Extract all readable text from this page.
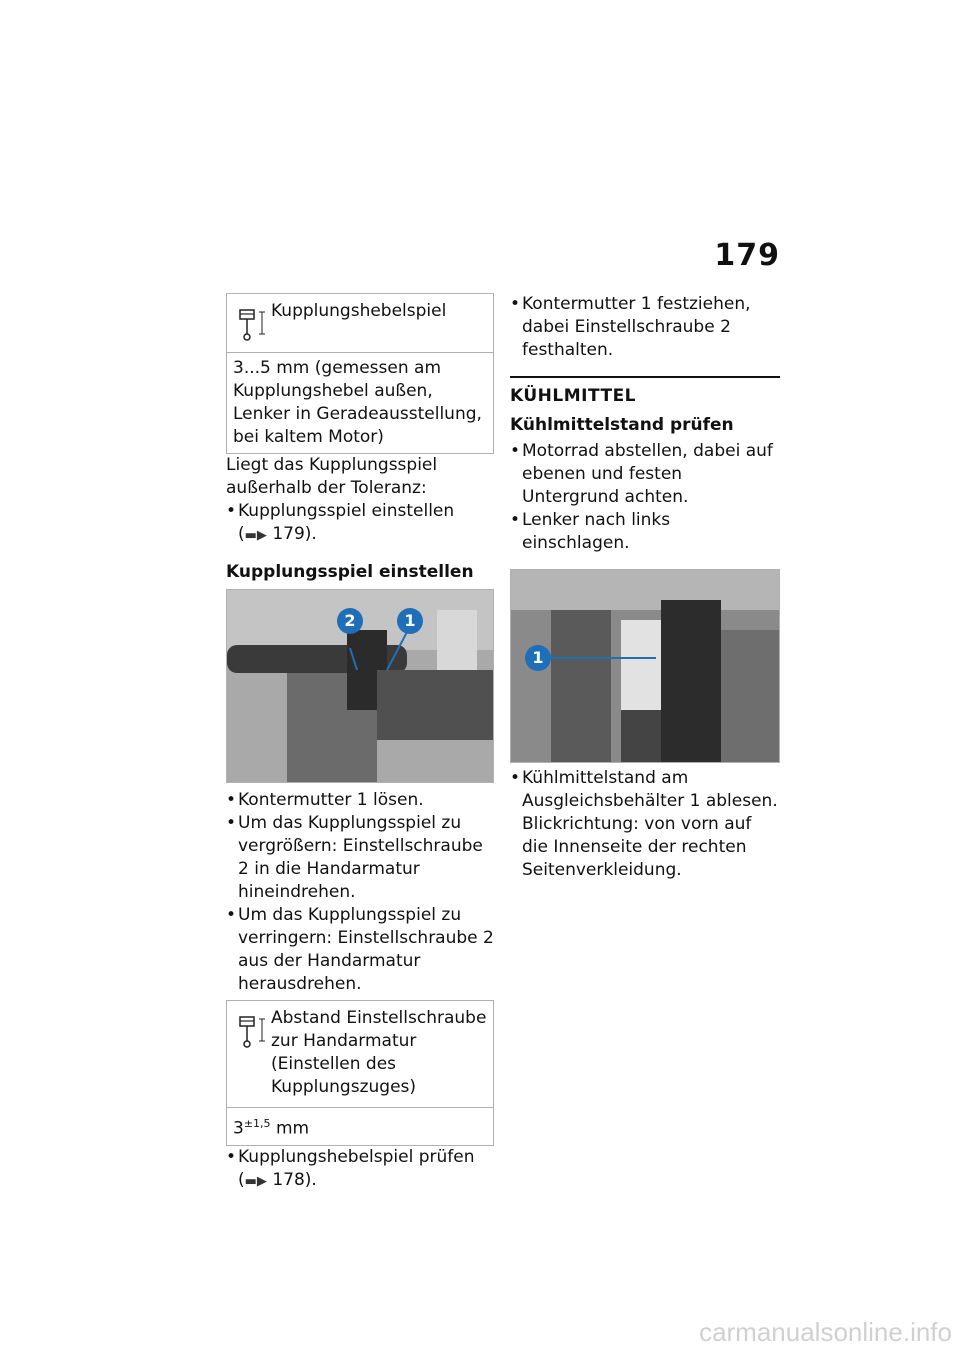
179
Kupplungshebelspiel
3...5 mm (gemessen am Kupplungshebel außen, Lenker in Geradeausstellung, bei kaltem Motor)

Liegt das Kupplungsspiel außerhalb der Toleranz:

• Kupplungsspiel einstellen
(▬▶ 179).
Kupplungsspiel einstellen
2	1
• Kontermutter 1 lösen.
• Um das Kupplungsspiel zu vergrößern: Einstellschraube 2 in die Handarmatur hineindrehen.
• Um das Kupplungsspiel zu verringern: Einstellschraube 2 aus der Handarmatur herausdrehen.
Abstand Einstellschraube zur Handarmatur (Einstellen des Kupplungszuges)
$3^{\pm 1,5}$ mm
• Kupplungshebelspiel prüfen
(▬▶ 178).
• Kontermutter 1 festziehen, dabei Einstellschraube 2 festhalten.
KÜHLMITTEL
Kühlmittelstand prüfen
• Motorrad abstellen, dabei auf ebenen und festen Untergrund achten.
• Lenker nach links einschlagen.
1
• Kühlmittelstand am Ausgleichsbehälter 1 ablesen. Blickrichtung: von vorn auf die Innenseite der rechten Seitenverkleidung.
carmanualsonline.info
